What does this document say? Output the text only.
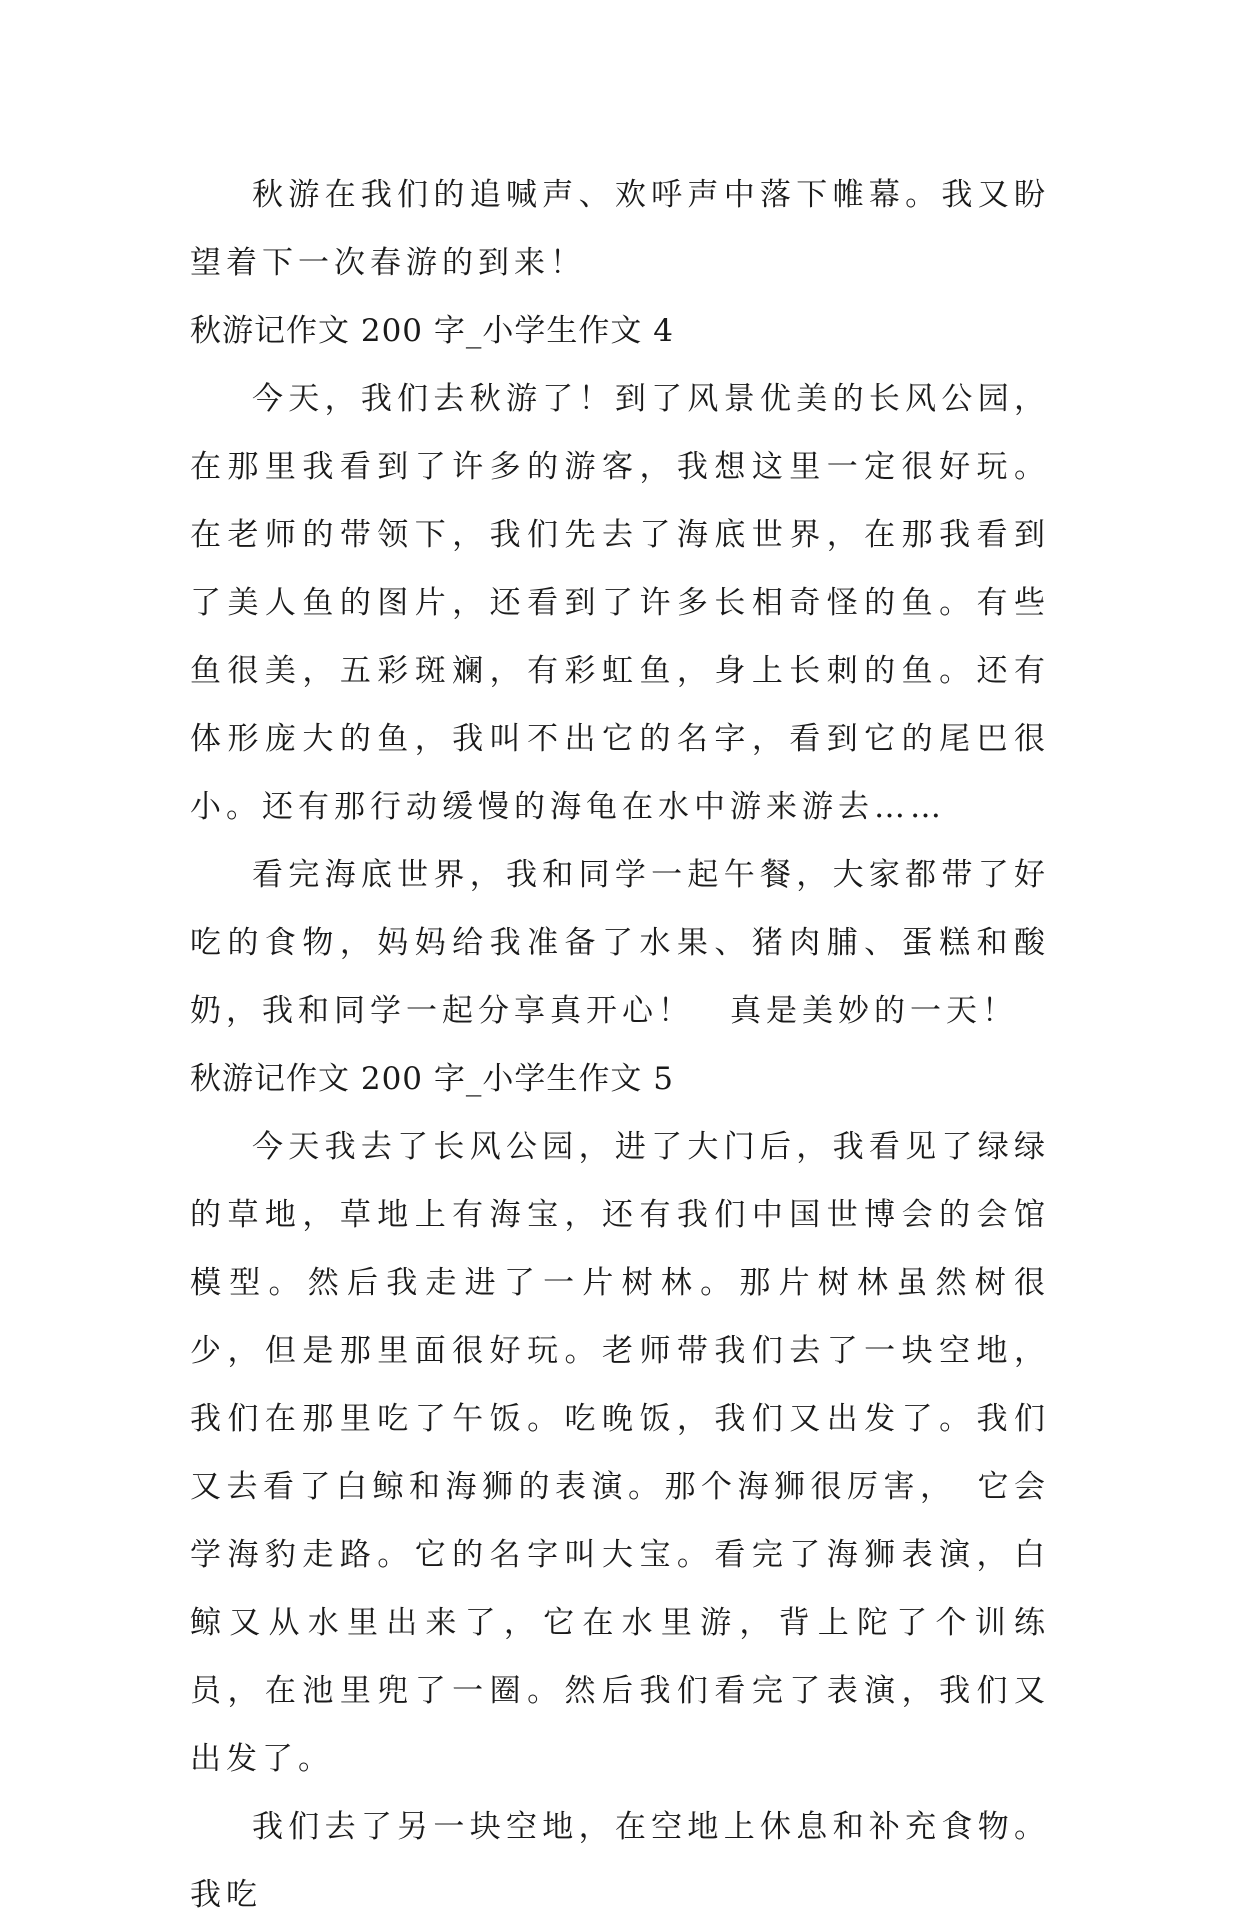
秋游在我们的追喊声、欢呼声中落下帷幕。我又盼望着下一次春游的到来！

秋游记作文 200 字_小学生作文 4

今天，我们去秋游了！到了风景优美的长风公园，在那里我看到了许多的游客，我想这里一定很好玩。在老师的带领下，我们先去了海底世界，在那我看到了美人鱼的图片，还看到了许多长相奇怪的鱼。有些鱼很美，五彩斑斓，有彩虹鱼，身上长刺的鱼。还有体形庞大的鱼，我叫不出它的名字，看到它的尾巴很小。还有那行动缓慢的海龟在水中游来游去……

看完海底世界，我和同学一起午餐，大家都带了好吃的食物，妈妈给我准备了水果、猪肉脯、蛋糕和酸奶，我和同学一起分享真开心！　真是美妙的一天！

秋游记作文 200 字_小学生作文 5

今天我去了长风公园，进了大门后，我看见了绿绿的草地，草地上有海宝，还有我们中国世博会的会馆模型。然后我走进了一片树林。那片树林虽然树很少，但是那里面很好玩。老师带我们去了一块空地，我们在那里吃了午饭。吃晚饭，我们又出发了。我们又去看了白鲸和海狮的表演。那个海狮很厉害，　它会学海豹走路。它的名字叫大宝。看完了海狮表演，白鲸又从水里出来了，它在水里游，背上陀了个训练员，在池里兜了一圈。然后我们看完了表演，我们又出发了。

我们去了另一块空地，在空地上休息和补充食物。我吃
